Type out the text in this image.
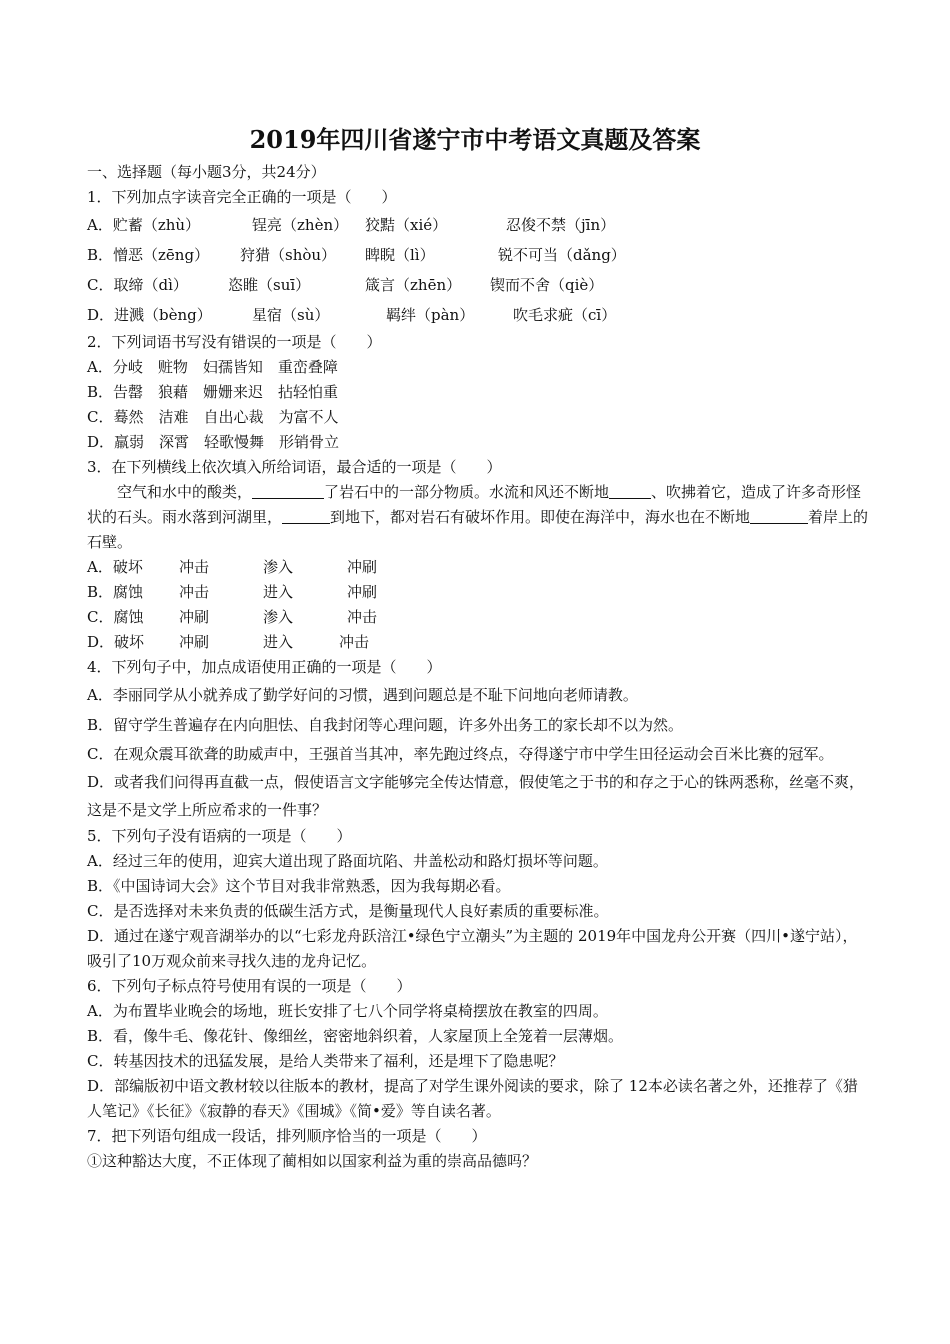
2019年四川省遂宁市中考语文真题及答案
一、选择题（每小题3分，共24分）
1．下列加点字读音完全正确的一项是（　　）
A．贮蓄（zhù）	锃亮（zhèn） 狡黠（xié）	忍俊不禁（jīn）
B．憎恶（zēng） 狩猎（shòu） 睥睨（lì）	锐不可当（dǎng）
C．取缔（dì）	恣睢（suī）	箴言（zhēn） 锲而不舍（qiè）
D．进溅（bèng）	星宿（sù）	羁绊（pàn）	吹毛求疵（cī）
2．下列词语书写没有错误的一项是（　　）
A．分岐　赃物　妇孺皆知　重峦叠障
B．告罄　狼藉　姗姗来迟　拈轻怕重
C．蓦然　洁难　自出心裁　为富不人
D．羸弱　深霄　轻歌慢舞　形销骨立
3．在下列横线上依次填入所给词语，最合适的一项是（　　）
空气和水中的酸类，	了岩石中的一部分物质。水流和风还不断地	、吹拂着它，造成了许多奇形怪状的石头。雨水落到河湖里，	到地下，都对岩石有破坏作用。即使在海洋中，海水也在不断地	着岸上的石壁。
A．破坏 冲击	渗入	冲刷
B．腐蚀 冲击	进入	冲刷
C．腐蚀 冲刷	渗入	冲击
D．破坏 冲刷	进入	冲击
4．下列句子中，加点成语使用正确的一项是（　　）
A．李丽同学从小就养成了勤学好问的习惯，遇到问题总是不耻下问地向老师请教。
B．留守学生普遍存在内向胆怯、自我封闭等心理问题，许多外出务工的家长却不以为然。
C．在观众震耳欲聋的助威声中，王强首当其冲，率先跑过终点，夺得遂宁市中学生田径运动会百米比赛的冠军。
D．或者我们问得再直截一点，假使语言文字能够完全传达情意，假使笔之于书的和存之于心的铢两悉称，丝毫不爽，这是不是文学上所应希求的一件事？
5．下列句子没有语病的一项是（　　）
A．经过三年的使用，迎宾大道出现了路面坑陷、井盖松动和路灯损坏等问题。
B．《中国诗词大会》这个节目对我非常熟悉，因为我每期必看。
C．是否选择对未来负责的低碳生活方式，是衡量现代人良好素质的重要标准。
D．通过在遂宁观音湖举办的以“七彩龙舟跃涪江•绿色宁立潮头”为主题的 2019年中国龙舟公开赛（四川•遂宁站），吸引了10万观众前来寻找久违的龙舟记忆。
6．下列句子标点符号使用有误的一项是（　　）
A．为布置毕业晚会的场地，班长安排了七八个同学将桌椅摆放在教室的四周。
B．看，像牛毛、像花针、像细丝，密密地斜织着，人家屋顶上全笼着一层薄烟。
C．转基因技术的迅猛发展，是给人类带来了福利，还是埋下了隐患呢？
D．部编版初中语文教材较以往版本的教材，提高了对学生课外阅读的要求，除了 12本必读名著之外，还推荐了《猎人笔记》《长征》《寂静的春天》《围城》《简•爱》等自读名著。
7．把下列语句组成一段话，排列顺序恰当的一项是（　　）
①这种豁达大度，不正体现了蔺相如以国家利益为重的崇高品德吗？
